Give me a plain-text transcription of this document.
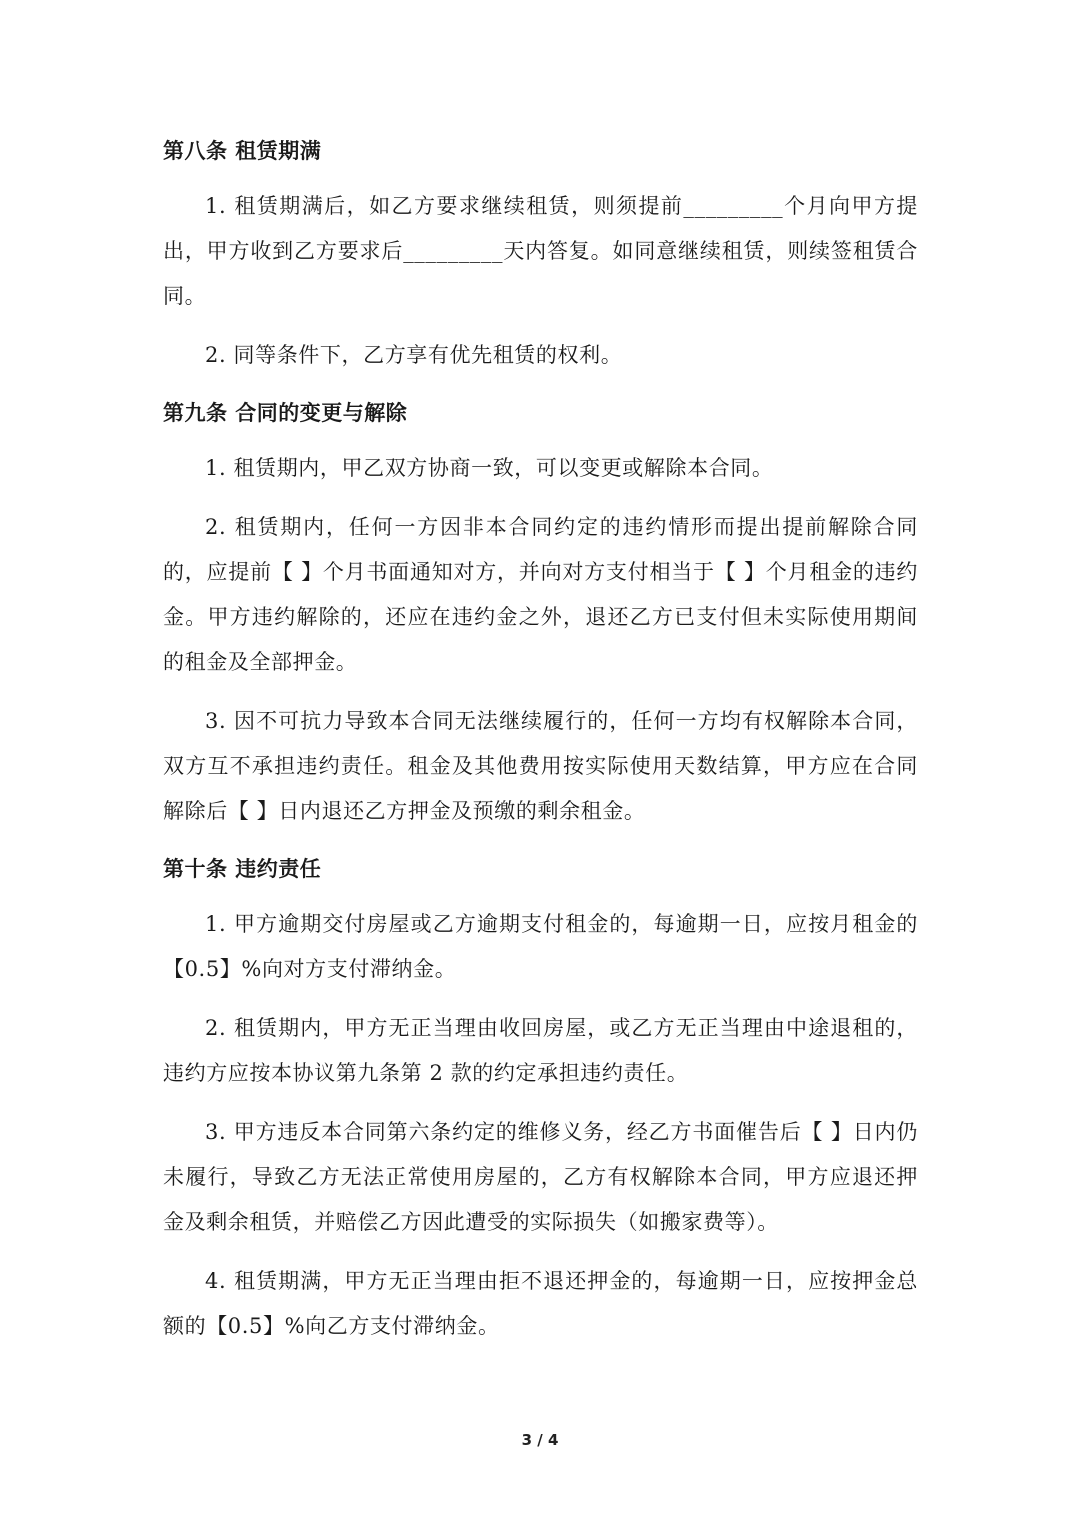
第八条 租赁期满

1. 租赁期满后，如乙方要求继续租赁，则须提前_________个月向甲方提出，甲方收到乙方要求后_________天内答复。如同意继续租赁，则续签租赁合同。

2. 同等条件下，乙方享有优先租赁的权利。

第九条 合同的变更与解除

1. 租赁期内，甲乙双方协商一致，可以变更或解除本合同。

2. 租赁期内，任何一方因非本合同约定的违约情形而提出提前解除合同的，应提前【 】个月书面通知对方，并向对方支付相当于【 】个月租金的违约金。甲方违约解除的，还应在违约金之外，退还乙方已支付但未实际使用期间的租金及全部押金。

3. 因不可抗力导致本合同无法继续履行的，任何一方均有权解除本合同，双方互不承担违约责任。租金及其他费用按实际使用天数结算，甲方应在合同解除后【 】日内退还乙方押金及预缴的剩余租金。

第十条 违约责任

1. 甲方逾期交付房屋或乙方逾期支付租金的，每逾期一日，应按月租金的【0.5】%向对方支付滞纳金。

2. 租赁期内，甲方无正当理由收回房屋，或乙方无正当理由中途退租的，违约方应按本协议第九条第 2 款的约定承担违约责任。

3. 甲方违反本合同第六条约定的维修义务，经乙方书面催告后【 】日内仍未履行，导致乙方无法正常使用房屋的，乙方有权解除本合同，甲方应退还押金及剩余租赁，并赔偿乙方因此遭受的实际损失（如搬家费等）。

4. 租赁期满，甲方无正当理由拒不退还押金的，每逾期一日，应按押金总额的【0.5】%向乙方支付滞纳金。

3 / 4
